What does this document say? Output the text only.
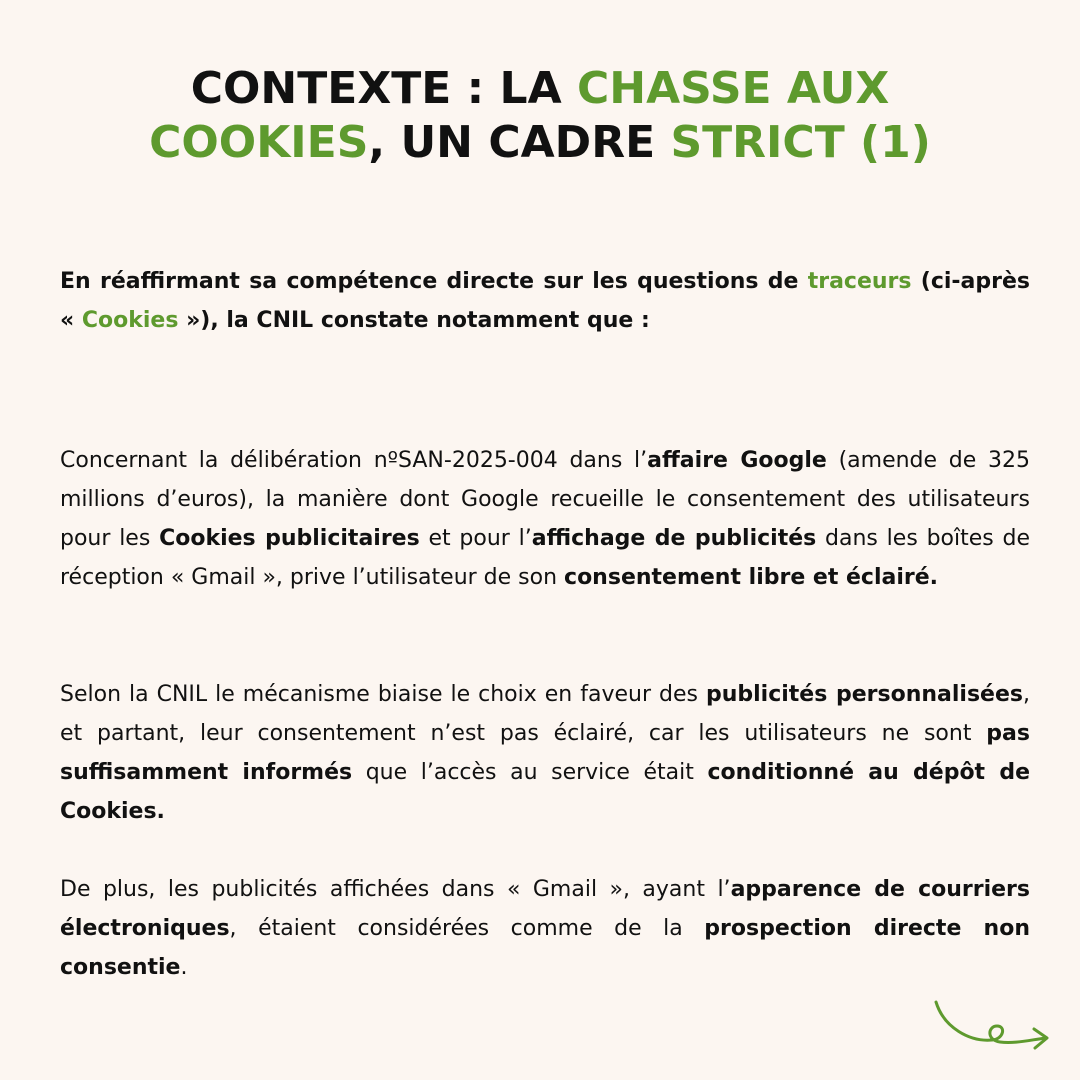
CONTEXTE : LA CHASSE AUX
COOKIES, UN CADRE STRICT (1)

En réaffirmant sa compétence directe sur les questions de traceurs (ci-après « Cookies »), la CNIL constate notamment que :

Concernant la délibération nºSAN-2025-004 dans l’affaire Google (amende de 325 millions d’euros), la manière dont Google recueille le consentement des utilisateurs pour les Cookies publicitaires et pour l’affichage de publicités dans les boîtes de réception « Gmail », prive l’utilisateur de son consentement libre et éclairé.

Selon la CNIL le mécanisme biaise le choix en faveur des publicités personnalisées, et partant, leur consentement n’est pas éclairé, car les utilisateurs ne sont pas suffisamment informés que l’accès au service était conditionné au dépôt de Cookies.

De plus, les publicités affichées dans « Gmail », ayant l’apparence de courriers électroniques, étaient considérées comme de la prospection directe non consentie.
